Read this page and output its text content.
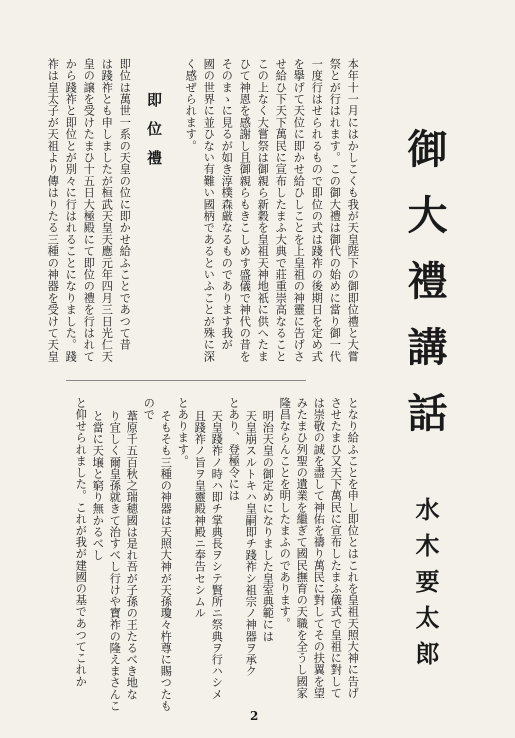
御大禮講話
水木要太郎
本年十一月にはかしこくも我が天皇陛下の御即位禮と大嘗
祭とが行はれます。この御大禮は御代の始めに當り御一代
一度行はせられるもので即位の式は踐祚の後期日を定め式
を擧げて天位に即かせ給ひしことを上皇祖の神靈に告げさ
せ給ひ下天下萬民に宣布したまふ大典で莊重崇高なること
この上なく大嘗祭は御親ら新穀を皇祖天神地祇に供へたま
ひて神恩を感謝し且御親らもきこしめす盛儀で神代の昔を
そのまゝに見るが如き淳樸森厳なるものであります我が
國の世界に並ひない有難い國柄であるといふことが殊に深
く感ぜられます。
即位禮
即位は萬世一系の天皇の位に即かせ給ふことであつて昔
は踐祚とも申しましたが桓武天皇天應元年四月三日光仁天
皇の譲を受けたまひ十五日大極殿にて即位の禮を行はれて
から踐祚と即位とが別々に行はれることになりました。踐
祚は皇太子が天祖より傳はりたる三種の神器を受けて天皇
となり給ふことを申し即位とはこれを皇祖天照大神に告げ
させたまひ又天下萬民に宣布したまふ儀式で皇祖に對して
は崇敬の誠を盡して神佑を禱り萬民に對してその扶翼を望
みたまひ列聖の遺業を繼ぎて國民撫育の天職を全うし國家
隆昌ならんことを明したまふのであります。
明治天皇の御定めになりました皇室典範には
天皇崩スルトキハ皇嗣即チ踐祚シ祖宗ノ神器ヲ承ク
とあり、登極令には
天皇踐祚ノ時ハ即チ掌典長ヲシテ賢所ニ祭典ヲ行ハシメ
且踐祚ノ旨ヲ皇靈殿神殿ニ奉告セシムル
とあります。
そもそも三種の神器は天照大神が天孫瓊々杵尊に賜つたも
ので
葦原千五百秋之瑞穂國は是れ吾が子孫の王たるべき地な
り宜しく爾皇孫就きて治すべし行けや寶祚の隆えまさんこ
と當に天壌と窮り無かるべし
と仰せられました。これが我が建國の基であつてこれか
2
